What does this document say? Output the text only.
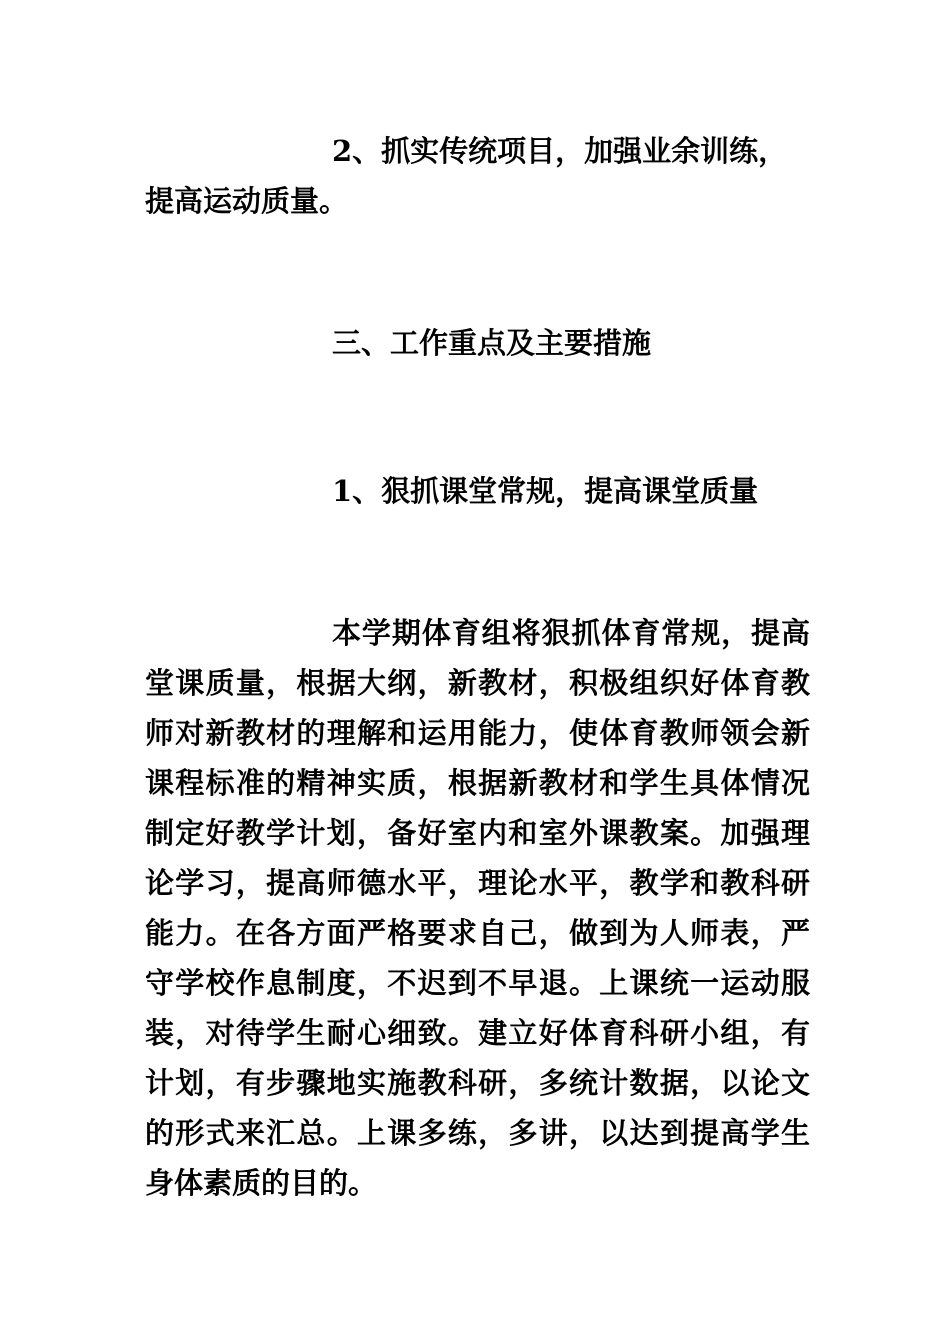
2、抓实传统项目，加强业余训练，提高运动质量。

三、工作重点及主要措施

1、狠抓课堂常规，提高课堂质量

本学期体育组将狠抓体育常规，提高堂课质量，根据大纲，新教材，积极组织好体育教师对新教材的理解和运用能力，使体育教师领会新课程标准的精神实质，根据新教材和学生具体情况制定好教学计划，备好室内和室外课教案。加强理论学习，提高师德水平，理论水平，教学和教科研能力。在各方面严格要求自己，做到为人师表，严守学校作息制度，不迟到不早退。上课统一运动服装，对待学生耐心细致。建立好体育科研小组，有计划，有步骤地实施教科研，多统计数据，以论文的形式来汇总。上课多练，多讲，以达到提高学生身体素质的目的。
